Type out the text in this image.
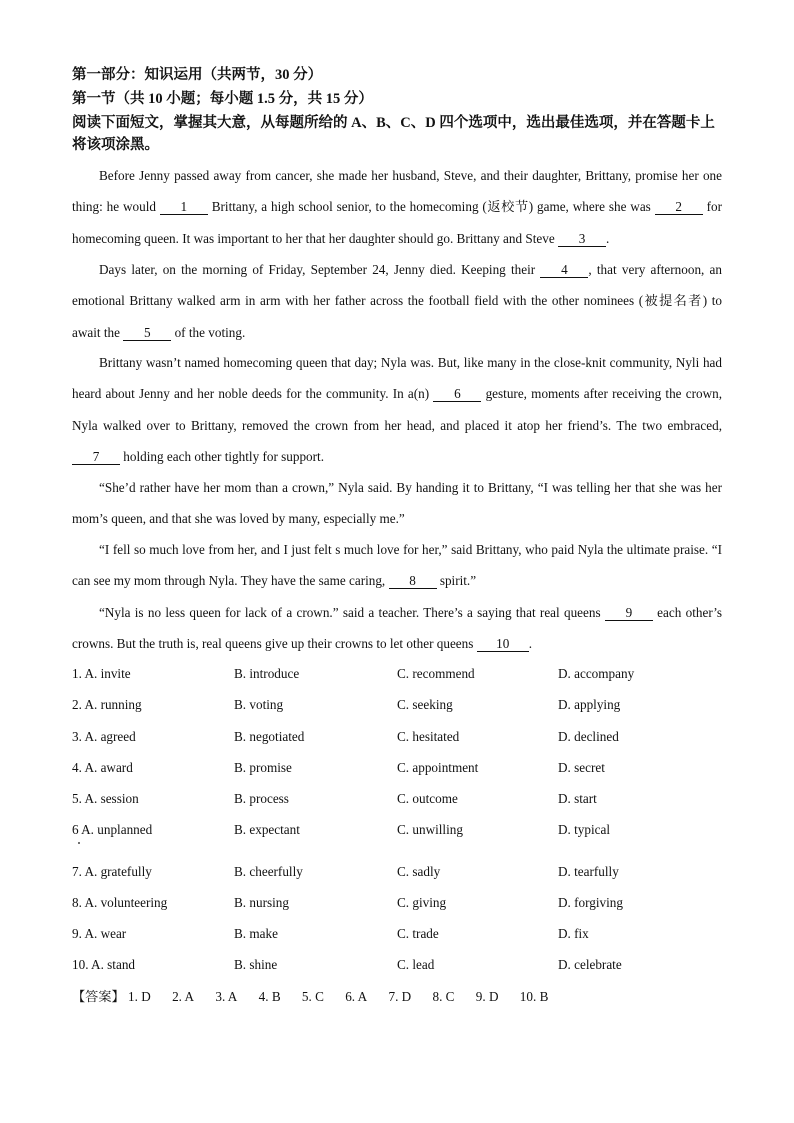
第一部分：知识运用（共两节，30 分）
第一节（共 10 小题；每小题 1.5 分，共 15 分）
阅读下面短文，掌握其大意，从每题所给的 A、B、C、D 四个选项中，选出最佳选项，并在答题卡上将该项涂黑。
Before Jenny passed away from cancer, she made her husband, Steve, and their daughter, Brittany, promise her one thing: he would 1 Brittany, a high school senior, to the homecoming (返校节) game, where she was 2 for homecoming queen. It was important to her that her daughter should go. Brittany and Steve 3 .
Days later, on the morning of Friday, September 24, Jenny died. Keeping their 4 , that very afternoon, an emotional Brittany walked arm in arm with her father across the football field with the other nominees (被提名者) to await the 5 of the voting.
Brittany wasn’t named homecoming queen that day; Nyla was. But, like many in the close-knit community, Nyli had heard about Jenny and her noble deeds for the community. In a(n) 6 gesture, moments after receiving the crown, Nyla walked over to Brittany, removed the crown from her head, and placed it atop her friend’s. The two embraced, 7 holding each other tightly for support.
“She’d rather have her mom than a crown,” Nyla said. By handing it to Brittany, “I was telling her that she was her mom’s queen, and that she was loved by many, especially me.”
“I fell so much love from her, and I just felt s much love for her,” said Brittany, who paid Nyla the ultimate praise. “I can see my mom through Nyla. They have the same caring, 8 spirit.”
“Nyla is no less queen for lack of a crown.” said a teacher. There’s a saying that real queens 9 each other’s crowns. But the truth is, real queens give up their crowns to let other queens 10 .
1. A. invite	B. introduce	C. recommend	D. accompany
2. A. running	B. voting	C. seeking	D. applying
3. A. agreed	B. negotiated	C. hesitated	D. declined
4. A. award	B. promise	C. appointment	D. secret
5. A. session	B. process	C. outcome	D. start
6 A. unplanned	B. expectant	C. unwilling	D. typical
7. A. gratefully	B. cheerfully	C. sadly	D. tearfully
8. A. volunteering	B. nursing	C. giving	D. forgiving
9. A. wear	B. make	C. trade	D. fix
10. A. stand	B. shine	C. lead	D. celebrate
【答案】 1. D 2. A 3. A 4. B 5. C 6. A 7. D 8. C 9. D 10. B
